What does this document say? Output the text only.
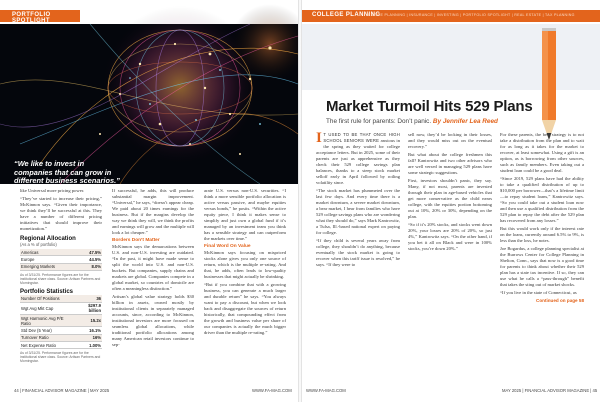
PORTFOLIO SPOTLIGHT
“We like to invest in companies that can grow in different business scenarios.”
Michael McKinnon

like Universal more pricing power.

“They’ve started to increase their pricing,” McKinnon says. “Given their importance, we think they’ll be successful at this. They have a number of different pricing initiatives that should improve their monetization.”

Regional Allocation
(As a % of portfolio)
Americas	47.5%
Europe	44.5%
Emerging Markets	8.0%
As of 3/31/25. Performance figures are for the institutional share class. Source: Artisan Partners and Morningstar.
Portfolio Statistics
Number Of Positions	36
Wgt Avg Mkt Cap	$297.9 billion
Wgt Harmonic Avg P/E Ratio	15.2x
Std Dev (5 Year)	16.1%
Turnover Ratio	16%
Net Expense Ratio	1.00%
As of 3/31/25. Performance figures are for the institutional share class. Source: Artisan Partners and Morningstar.

If successful, he adds, this will produce substantial margin improvement. “Universal,” he says, “doesn’t appear cheap. We paid about 20 times earnings for the business. But if the margins develop the way we think they will, we think the profits and earnings will grow and the multiple will look a lot cheaper.”

Borders Don’t Matter

McKinnon says the demarcations between U.S. and non-U.S. investing are outdated. “In the past, it might have made sense to split the world into U.S. and non-U.S. buckets. But companies, supply chains and markets are global. Companies compete in a global market, so countries of domicile are often a meaningless distinction.”

Artisan’s global value strategy holds $30 billion in assets, owned mostly by institutional clients in separately managed accounts, since, according to McKinnon, institutional investors are more focused on seamless global allocations, while traditional portfolio allocations among many American retail investors continue to sep-

arate U.S. versus non-U.S. securities. “I think a more sensible portfolio allocation is active versus passive, and maybe equities versus bonds,” he posits. “Within the active equity piece, I think it makes sense to simplify and just own a global fund if it’s managed by an investment team you think has a sensible strategy and can outperform the markets over time.”

Final Word On Value

McKinnon says focusing on mispriced stocks alone gives you only one source of return, which is the multiple re-rating. And that, he adds, often leads to low-quality businesses that might actually be shrinking.

“But if you combine that with a growing business, you can generate a much larger and durable return” he says. “You always want to pay a discount, but when we look back and disaggregate the sources of return historically, that compounding effect from the growth and business value per share of our companies is actually the much bigger driver than the multiple re-rating.”

44 | FINANCIAL ADVISOR MAGAZINE | MAY 2025	WWW.FA-MAG.COM
COLLEGE PLANNING
ESTATE PLANNING | INSURANCE | INVESTING | PORTFOLIO SPOTLIGHT | REAL ESTATE | TAX PLANNING
Market Turmoil Hits 529 Plans
The first rule for parents: Don’t panic. By Jennifer Lea Reed

I T USED TO BE THAT ONCE HIGH SCHOOL SENIORS WERE anxious in the spring as they waited for college acceptance letters. But in 2025, some of their parents are just as apprehensive as they check their 529 college savings plan balances, thanks to a steep stock market selloff early in April followed by roiling volatility since.

“The stock market has plummeted over the last few days. And every time there is a market downturn, a severe market downturn, a bear market, I hear from families who have 529 college savings plans who are wondering what they should do,” says Mark Kantrowitz, a Tulsa, Ill.-based national expert on paying for college.

“If they child is several years away from college, they shouldn’t do anything, because eventually the stock market is going to recover when this tariff issue is resolved,” he says. “If they were to

sell now, they’d be locking in their losses, and they would miss out on the eventual recovery.”

But what about the college freshmen this fall? Kantrowitz and two other advisors who are well versed in managing 529 plans have some strategic suggestions.

First, investors shouldn’t panic, they say. Many, if not most, parents are invested through their plan in age-based vehicles that get more conservative as the child nears college, with the equities portion bottoming out at 10%, 20% or 30%, depending on the plan.

“So if it’s 20% stocks, and stocks went down 20%, your losses are 20% of 20%, so just 4%,” Kantrowitz says. “On the other hand, if you bet it all on Black and were in 100% stocks, you’re down 20%.”

For these parents, the best strategy is to not take a distribution from the plan and to wait for as long as it takes for the market to recover, at least somewhat. Using a gift is an option, as is borrowing from other sources, such as family members. Even taking out a student loan could be a good deal.

“Since 2019, 529 plans have had the ability to take a qualified distribution of up to $10,000 per borrower—that’s a lifetime limit—to repay student loans,” Kantrowitz says. “So you could take out a student loan now and then use a qualified distribution from the 529 plan to repay the debt after the 529 plan has recovered from any losses.”

But this would work only if the interest rate on the loans, currently around 6.5% to 9%, is less than the loss, he notes.

Joe Bogardus, a college planning specialist at the Burrows Center for College Planning in Shelton, Conn., says that now is a good time for parents to think about whether their 529 plan has a state tax incentive. If so, they can use what he calls a “pass-through” benefit that takes the sting out of market shocks.

“If you live in the state of Connecticut, as

Continued on page 58
WWW.FA-MAG.COM	MAY 2025 | FINANCIAL ADVISOR MAGAZINE | 45
